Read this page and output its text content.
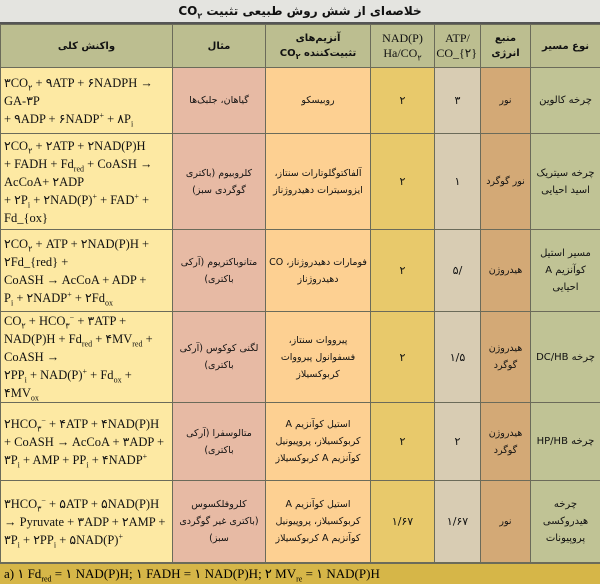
خلاصه‌ای از شش روش طبیعی تثبیت $CO_۲$
نوع مسیر	منبع انرژی	ATP/ CO_{۲}	NAD(P) $Ha/CO_۲$	آنزیم‌های تثبیت‌کننده $CO_۲$	مثال	واکنش کلی
چرخه کالوین	نور	۳	۲	روبیسکو	گیاهان، جلبک‌ها	$۳CO_۲$ + ۹ATP + ۶NADPH →
GA-۳P
+ ۹ADP + ۶NADP+ + $۸P_i$

چرخه سیتریک اسید احیایی	نور گوگرد	۱	۲	آلفاکتوگلوتارات سنتاز، ایزوسیترات دهیدروژناز	کلروبیوم (باکتری گوگردی سبز)	$۲CO_۲$ + ۲ATP + ۲NAD(P)H
+ FADH + $Fd_{red}$ + CoASH →
AcCoA+ ۲ADP
+ $۲P_i$ + ۲NAD(P)+ + FAD+ +
Fd_{ox}

مسیر استیل کوآنزیم A احیایی	هیدروژن	/۵	۲	فومارات دهیدروژناز، CO دهیدروژناز	متانوباکتریوم (آرکی باکتری)	$۲CO_۲$ + ATP + ۲NAD(P)H +
۲Fd_{red} +
CoASH → AcCoA + ADP +
$P_i$ + ۲NADP+ + $۲Fd_{ox}$

چرخه DC/HB	هیدروژن گوگرد	۱/۵	۲	پیرووات سنتاز، فسفوانول پیرووات کربوکسیلاز	لگنی کوکوس (آرکی باکتری)	$CO_۲ + HCO_۳^-$ + ۳ATP +
$NAD(P)H + Fd_{red}$ + $۴MV_{red}$ +
CoASH →
$۲PP_i + NAD(P)^+ + Fd_{ox}$ + $۴MV_{ox}$

چرخه HP/HB	هیدروژن گوگرد	۲	۲	استیل کوآنزیم A کربوکسیلاز، پروپیونیل کوآنزیم A کربوکسیلاز	متالوسفرا (آرکی باکتری)	$۲HCO_۳^-$ + ۴ATP + ۴NAD(P)H
+ CoASH → AcCoA + ۳ADP +
$۳P_i$ + AMP + $PP_i$ + ۴NADP+

چرخه هیدروکسی پروپیونات	نور	۱/۶۷	۱/۶۷	استیل کوآنزیم A کربوکسیلاز، پروپیونیل کوآنزیم A کربوکسیلاز	کلروفلکسوس (باکتری غیر گوگردی سبز)	$۳HCO_۳^-$ + ۵ATP + ۵NAD(P)H
→ Pyruvate + ۳ADP + ۲AMP +
$۳P_i$ + $۲PP_i$ + ۵NAD(P)+
a) ۱ $Fd_{red}$ = ۱ NAD(P)H; ۱ FADH = ۱ NAD(P)H; ۲ $MV_{re}$ = ۱ NAD(P)H
